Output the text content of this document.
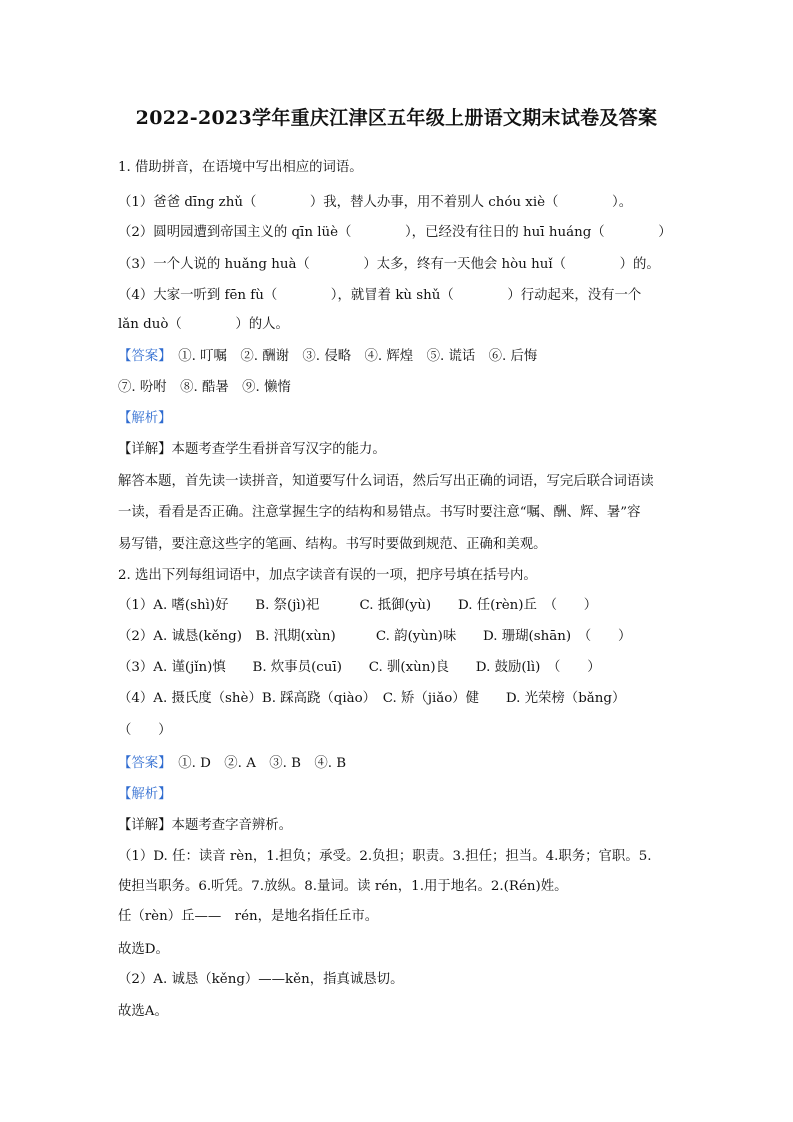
2022-2023学年重庆江津区五年级上册语文期末试卷及答案
1. 借助拼音，在语境中写出相应的词语。
（1）爸爸 dīng zhǔ（　　　　）我，替人办事，用不着别人 chóu xiè（　　　　）。
（2）圆明园遭到帝国主义的 qīn lüè（　　　　），已经没有往日的 huī huáng（　　　　）
（3）一个人说的 huǎng huà（　　　　）太多，终有一天他会 hòu huǐ（　　　　）的。
（4）大家一听到 fēn fù（　　　　），就冒着 kù shǔ（　　　　）行动起来，没有一个
lǎn duò（　　　　）的人。
【答案】　①. 叮嘱　②. 酬谢　③. 侵略　④. 辉煌　⑤. 谎话　⑥. 后悔
⑦. 吩咐　⑧. 酷暑　⑨. 懒惰
【解析】
【详解】本题考查学生看拼音写汉字的能力。
解答本题，首先读一读拼音，知道要写什么词语，然后写出正确的词语，写完后联合词语读
一读，看看是否正确。注意掌握生字的结构和易错点。书写时要注意“嘱、酬、辉、暑”容
易写错，要注意这些字的笔画、结构。书写时要做到规范、正确和美观。
2. 选出下列每组词语中，加点字读音有误的一项，把序号填在括号内。
（1）A. 嗜(shì)好　　B. 祭(jì)祀　　　C. 抵御(yù)　　D. 任(rèn)丘　（　　）
（2）A. 诚恳(kěng)　B. 汛期(xùn)　　　C. 韵(yùn)味　　D. 珊瑚(shān)　（　　）
（3）A. 谨(jǐn)慎　　B. 炊事员(cuī)　　C. 驯(xùn)良　　D. 鼓励(lì)　（　　）
（4）A. 摄氏度（shè）B. 踩高跷（qiào）　C. 矫（jiǎo）健　　D. 光荣榜（bǎng）
（　　）
【答案】　①. D　②. A　③. B　④. B
【解析】
【详解】本题考查字音辨析。
（1）D. 任：读音 rèn，1.担负；承受。2.负担；职责。3.担任；担当。4.职务；官职。5.
使担当职务。6.听凭。7.放纵。8.量词。读 rén，1.用于地名。2.(Rén)姓。
任（rèn）丘——　rén，是地名指任丘市。
故选D。
（2）A. 诚恳（kěng）——kěn，指真诚恳切。
故选A。
